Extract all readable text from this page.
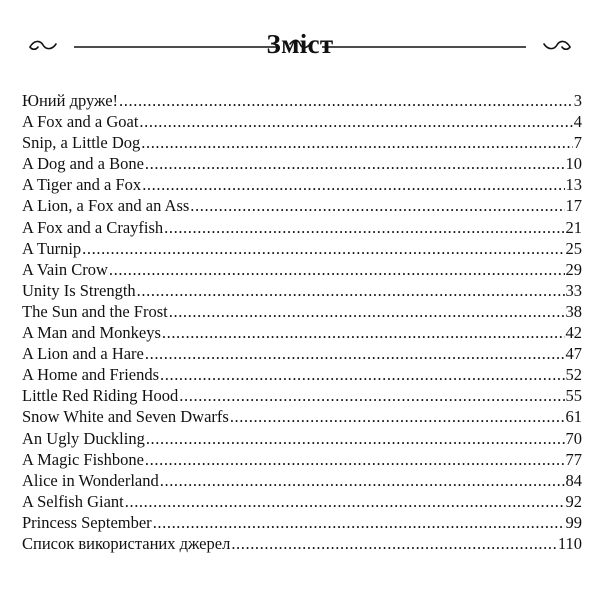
Зміст
Юний друже! .....	3
A Fox and a Goat .....	4
Snip, a Little Dog .....	7
A Dog and a Bone .....	10
A Tiger and a Fox .....	13
A Lion, a Fox and an Ass .....	17
A Fox and a Crayfish .....	21
A Turnip .....	25
A Vain Crow .....	29
Unity Is Strength .....	33
The Sun and the Frost .....	38
A Man and Monkeys .....	42
A Lion and a Hare .....	47
A Home and Friends .....	52
Little Red Riding Hood .....	55
Snow White and Seven Dwarfs .....	61
An Ugly Duckling .....	70
A Magic Fishbone .....	77
Alice in Wonderland .....	84
A Selfish Giant .....	92
Princess September .....	99
Список використаних джерел .....	110
